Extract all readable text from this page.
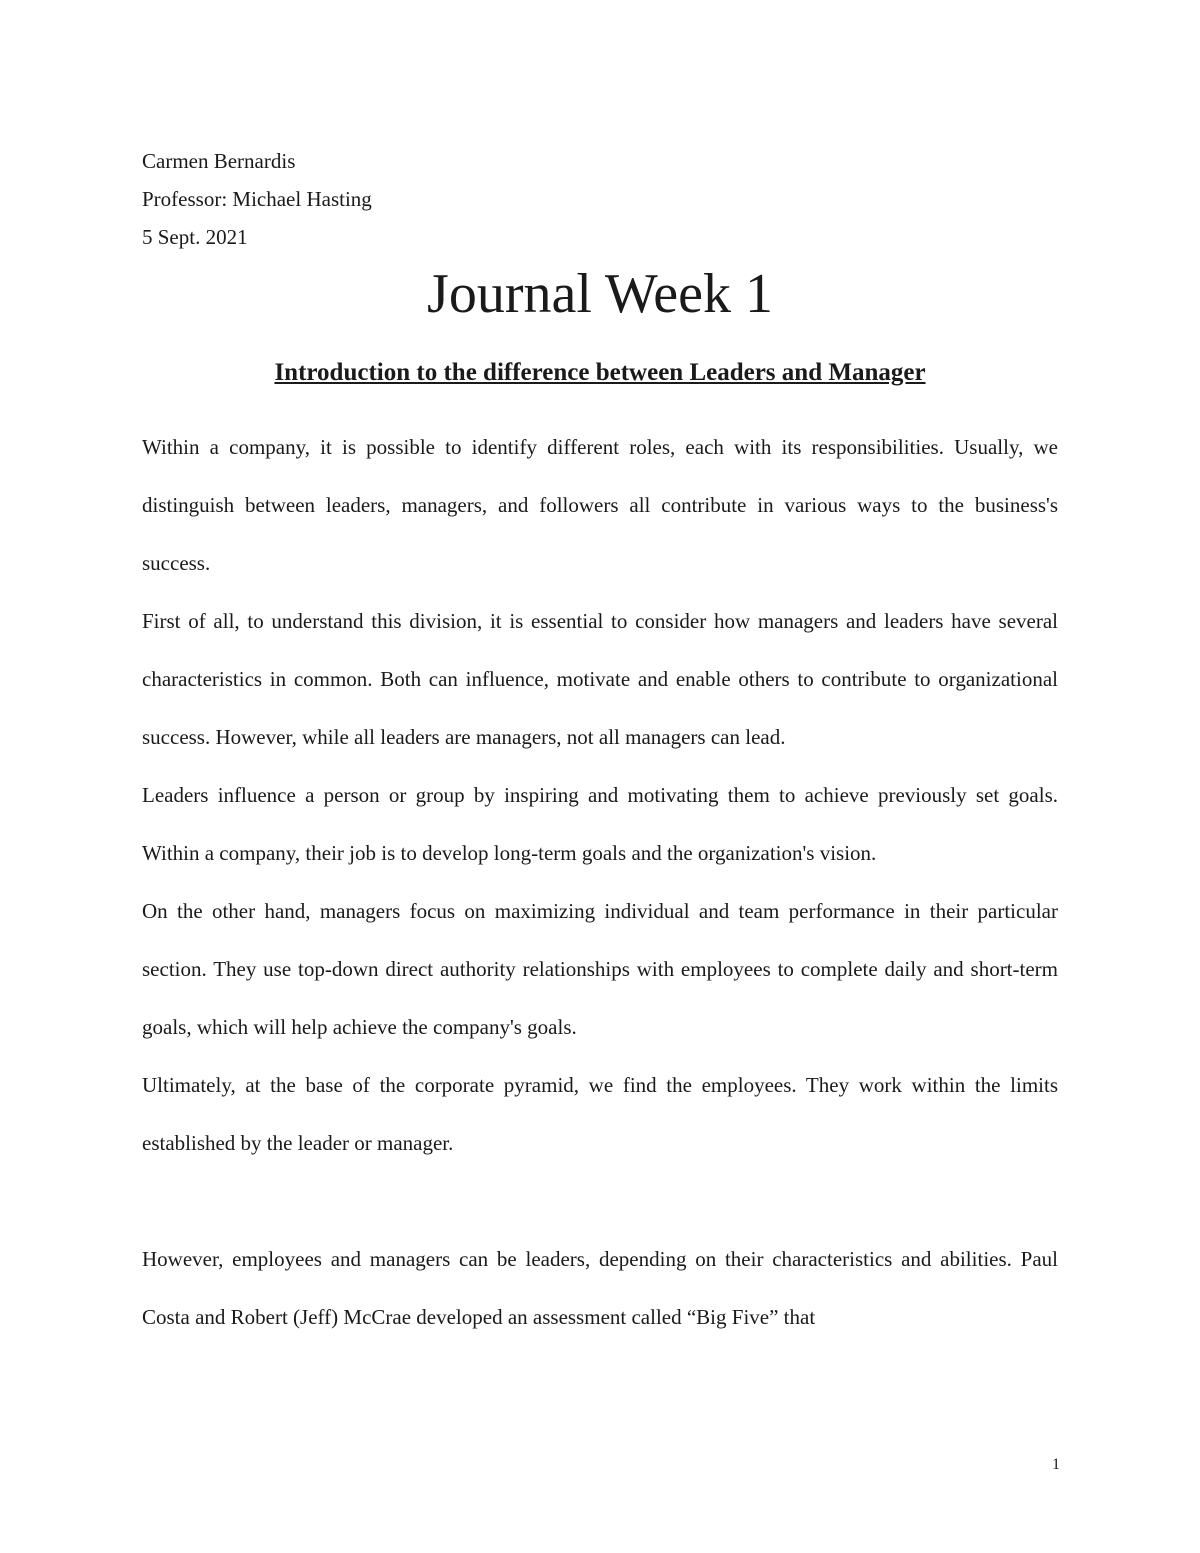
Carmen Bernardis
Professor: Michael Hasting
5 Sept. 2021
Journal Week 1
Introduction to the difference between Leaders and Manager

Within a company, it is possible to identify different roles, each with its responsibilities. Usually, we distinguish between leaders, managers, and followers all contribute in various ways to the business's success.

First of all, to understand this division, it is essential to consider how managers and leaders have several characteristics in common. Both can influence, motivate and enable others to contribute to organizational success. However, while all leaders are managers, not all managers can lead.

Leaders influence a person or group by inspiring and motivating them to achieve previously set goals. Within a company, their job is to develop long-term goals and the organization's vision.

On the other hand, managers focus on maximizing individual and team performance in their particular section. They use top-down direct authority relationships with employees to complete daily and short-term goals, which will help achieve the company's goals.

Ultimately, at the base of the corporate pyramid, we find the employees. They work within the limits established by the leader or manager.

However, employees and managers can be leaders, depending on their characteristics and abilities. Paul Costa and Robert (Jeff) McCrae developed an assessment called “Big Five” that

1
